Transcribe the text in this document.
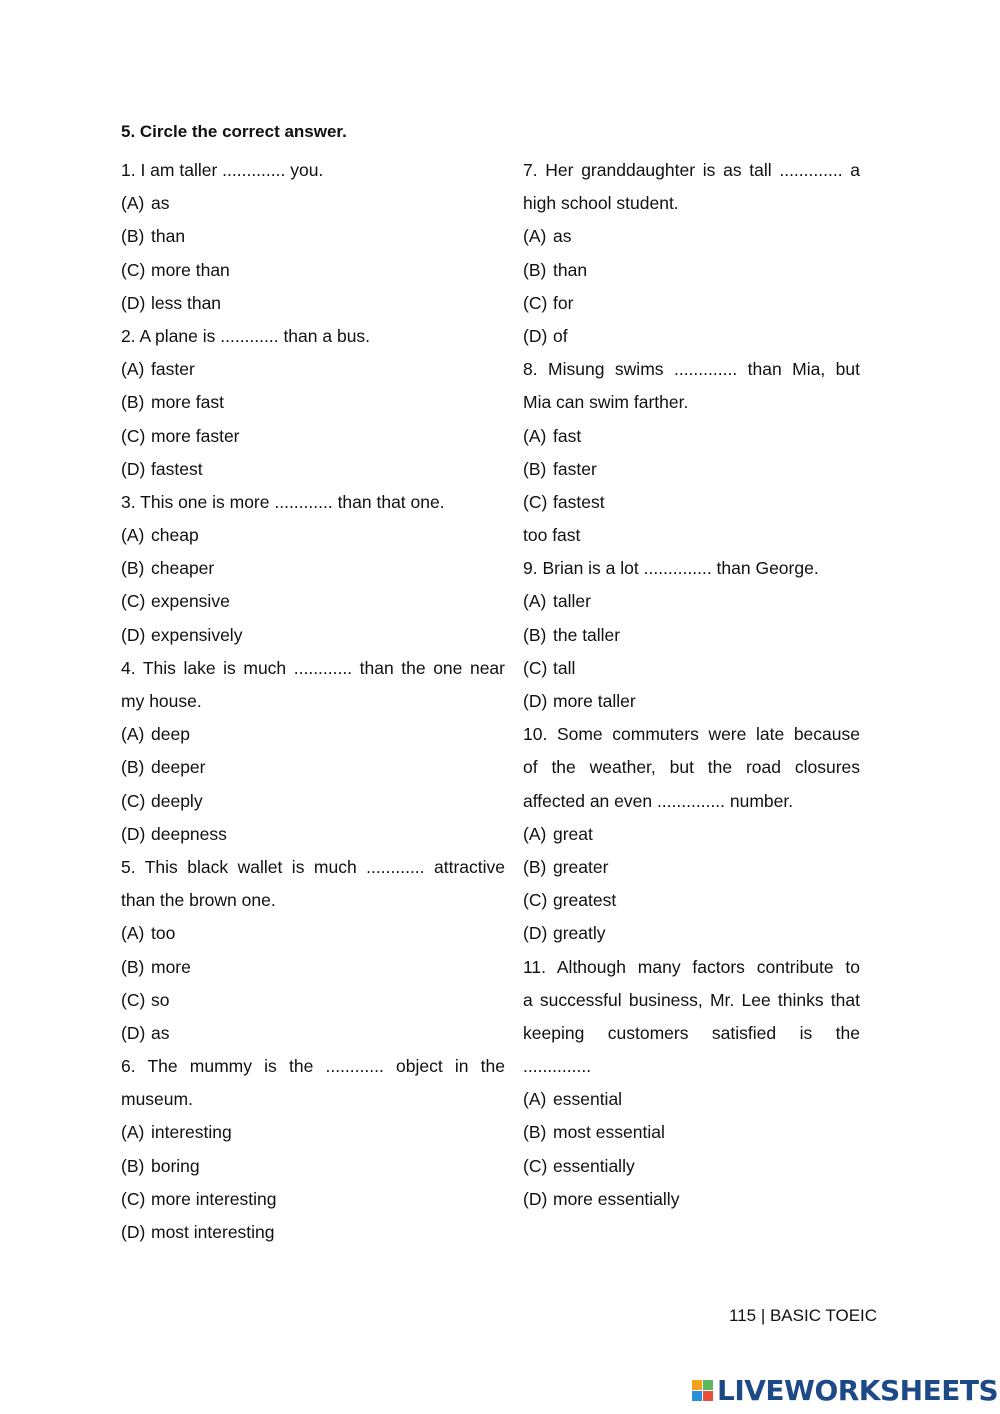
5. Circle the correct answer.
1. I am taller ............. you.
(A) as
(B) than
(C) more than
(D) less than
2. A plane is ............ than a bus.
(A) faster
(B) more fast
(C) more faster
(D) fastest
3. This one is more ............ than that one.
(A) cheap
(B) cheaper
(C) expensive
(D) expensively
4. This lake is much ............ than the one near
my house.
(A) deep
(B) deeper
(C) deeply
(D) deepness
5. This black wallet is much ............ attractive
than the brown one.
(A) too
(B) more
(C) so
(D) as
6. The mummy is the ............ object in the
museum.
(A) interesting
(B) boring
(C) more interesting
(D) most interesting
7. Her granddaughter is as tall ............. a
high school student.
(A) as
(B) than
(C) for
(D) of
8. Misung swims ............. than Mia, but
Mia can swim farther.
(A) fast
(B) faster
(C) fastest
too fast
9. Brian is a lot .............. than George.
(A) taller
(B) the taller
(C) tall
(D) more taller
10. Some commuters were late because
of the weather, but the road closures
affected an even .............. number.
(A) great
(B) greater
(C) greatest
(D) greatly
11. Although many factors contribute to
a successful business, Mr. Lee thinks that
keeping customers satisfied is the
..............
(A) essential
(B) most essential
(C) essentially
(D) more essentially
115 | BASIC TOEIC
LIVEWORKSHEETS
